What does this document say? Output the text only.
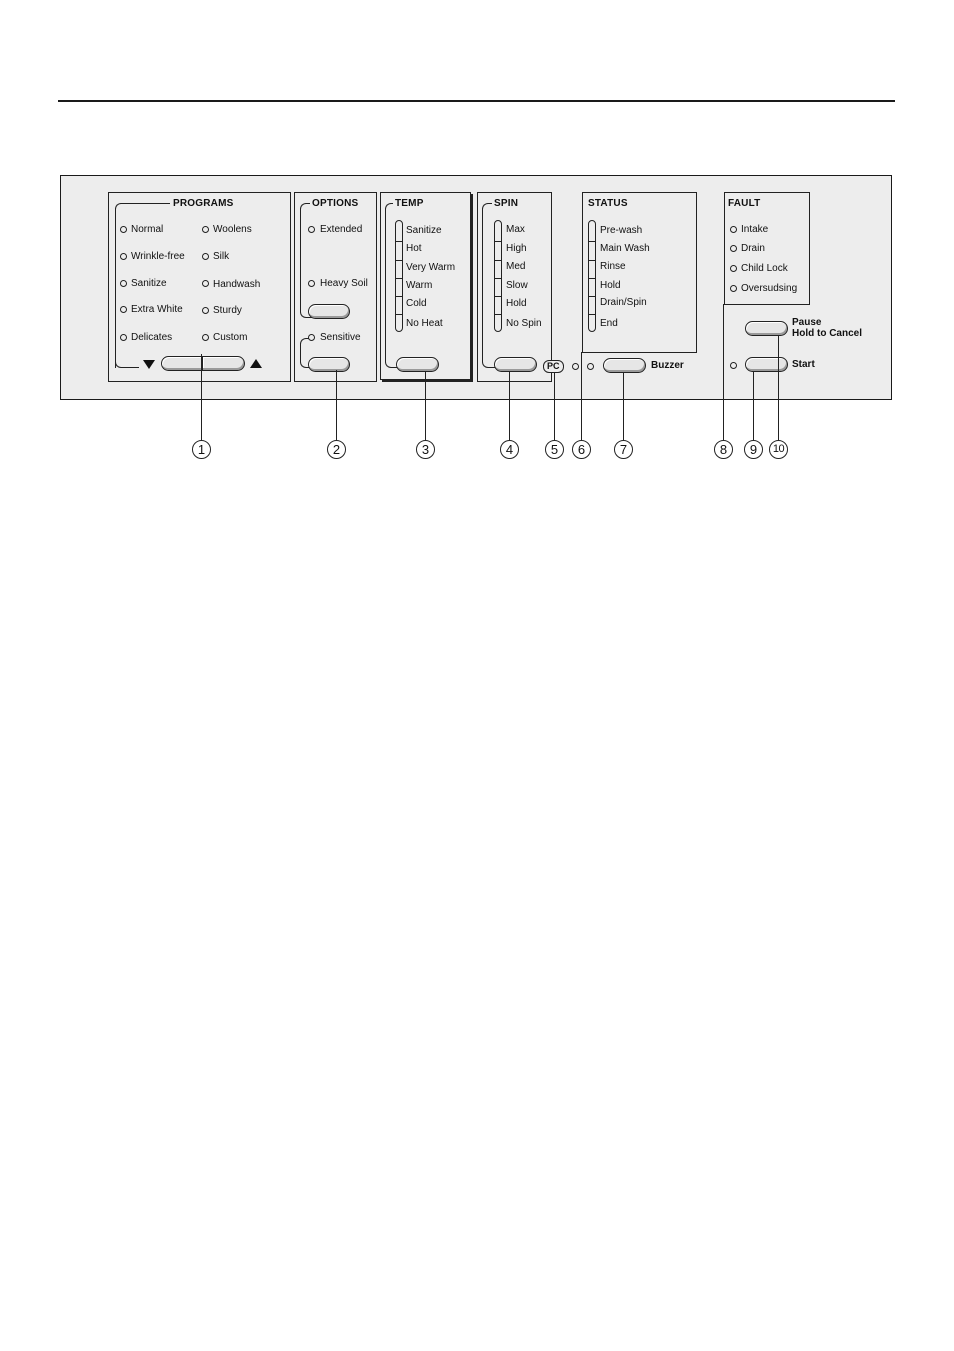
PROGRAMS
Normal
Wrinkle-free
Sanitize
Extra White
Delicates
Woolens
Silk
Handwash
Sturdy
Custom
OPTIONS
Extended
Heavy Soil
Sensitive
TEMP
Sanitize
Hot
Very Warm
Warm
Cold
No Heat
SPIN
Max
High
Med
Slow
Hold
No Spin
PC
STATUS
Pre-wash
Main Wash
Rinse
Hold
Drain/Spin
End
Buzzer
FAULT
Intake
Drain
Child Lock
Oversudsing
Pause
Hold to Cancel
Start
1	2	3	4	5	6	7	8	9	10
